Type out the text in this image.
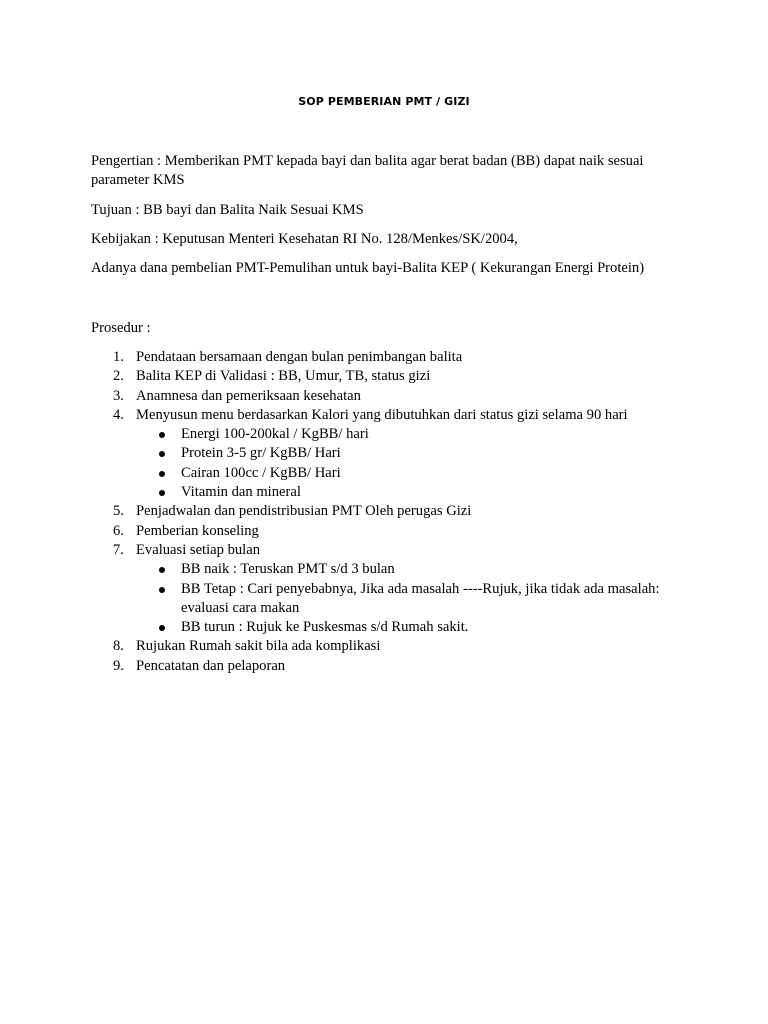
SOP PEMBERIAN PMT / GIZI
Pengertian : Memberikan PMT kepada bayi dan balita agar berat badan (BB) dapat naik sesuai parameter KMS
Tujuan : BB bayi dan Balita Naik Sesuai KMS
Kebijakan : Keputusan Menteri Kesehatan RI No. 128/Menkes/SK/2004,
Adanya dana pembelian PMT-Pemulihan untuk bayi-Balita KEP ( Kekurangan Energi Protein)
Prosedur :
1. Pendataan bersamaan dengan bulan penimbangan balita
2. Balita KEP di Validasi : BB, Umur, TB, status gizi
3. Anamnesa dan pemeriksaan kesehatan
4. Menyusun menu berdasarkan Kalori yang dibutuhkan dari status gizi selama 90 hari
Energi 100-200kal / KgBB/ hari
Protein 3-5 gr/ KgBB/ Hari
Cairan 100cc / KgBB/ Hari
Vitamin dan mineral
5. Penjadwalan dan pendistribusian PMT Oleh perugas Gizi
6. Pemberian konseling
7. Evaluasi setiap bulan
BB naik : Teruskan PMT s/d 3 bulan
BB Tetap : Cari penyebabnya, Jika ada masalah ----Rujuk, jika tidak ada masalah: evaluasi cara makan
BB turun : Rujuk ke Puskesmas s/d Rumah sakit.
8. Rujukan Rumah sakit bila ada komplikasi
9. Pencatatan dan pelaporan
